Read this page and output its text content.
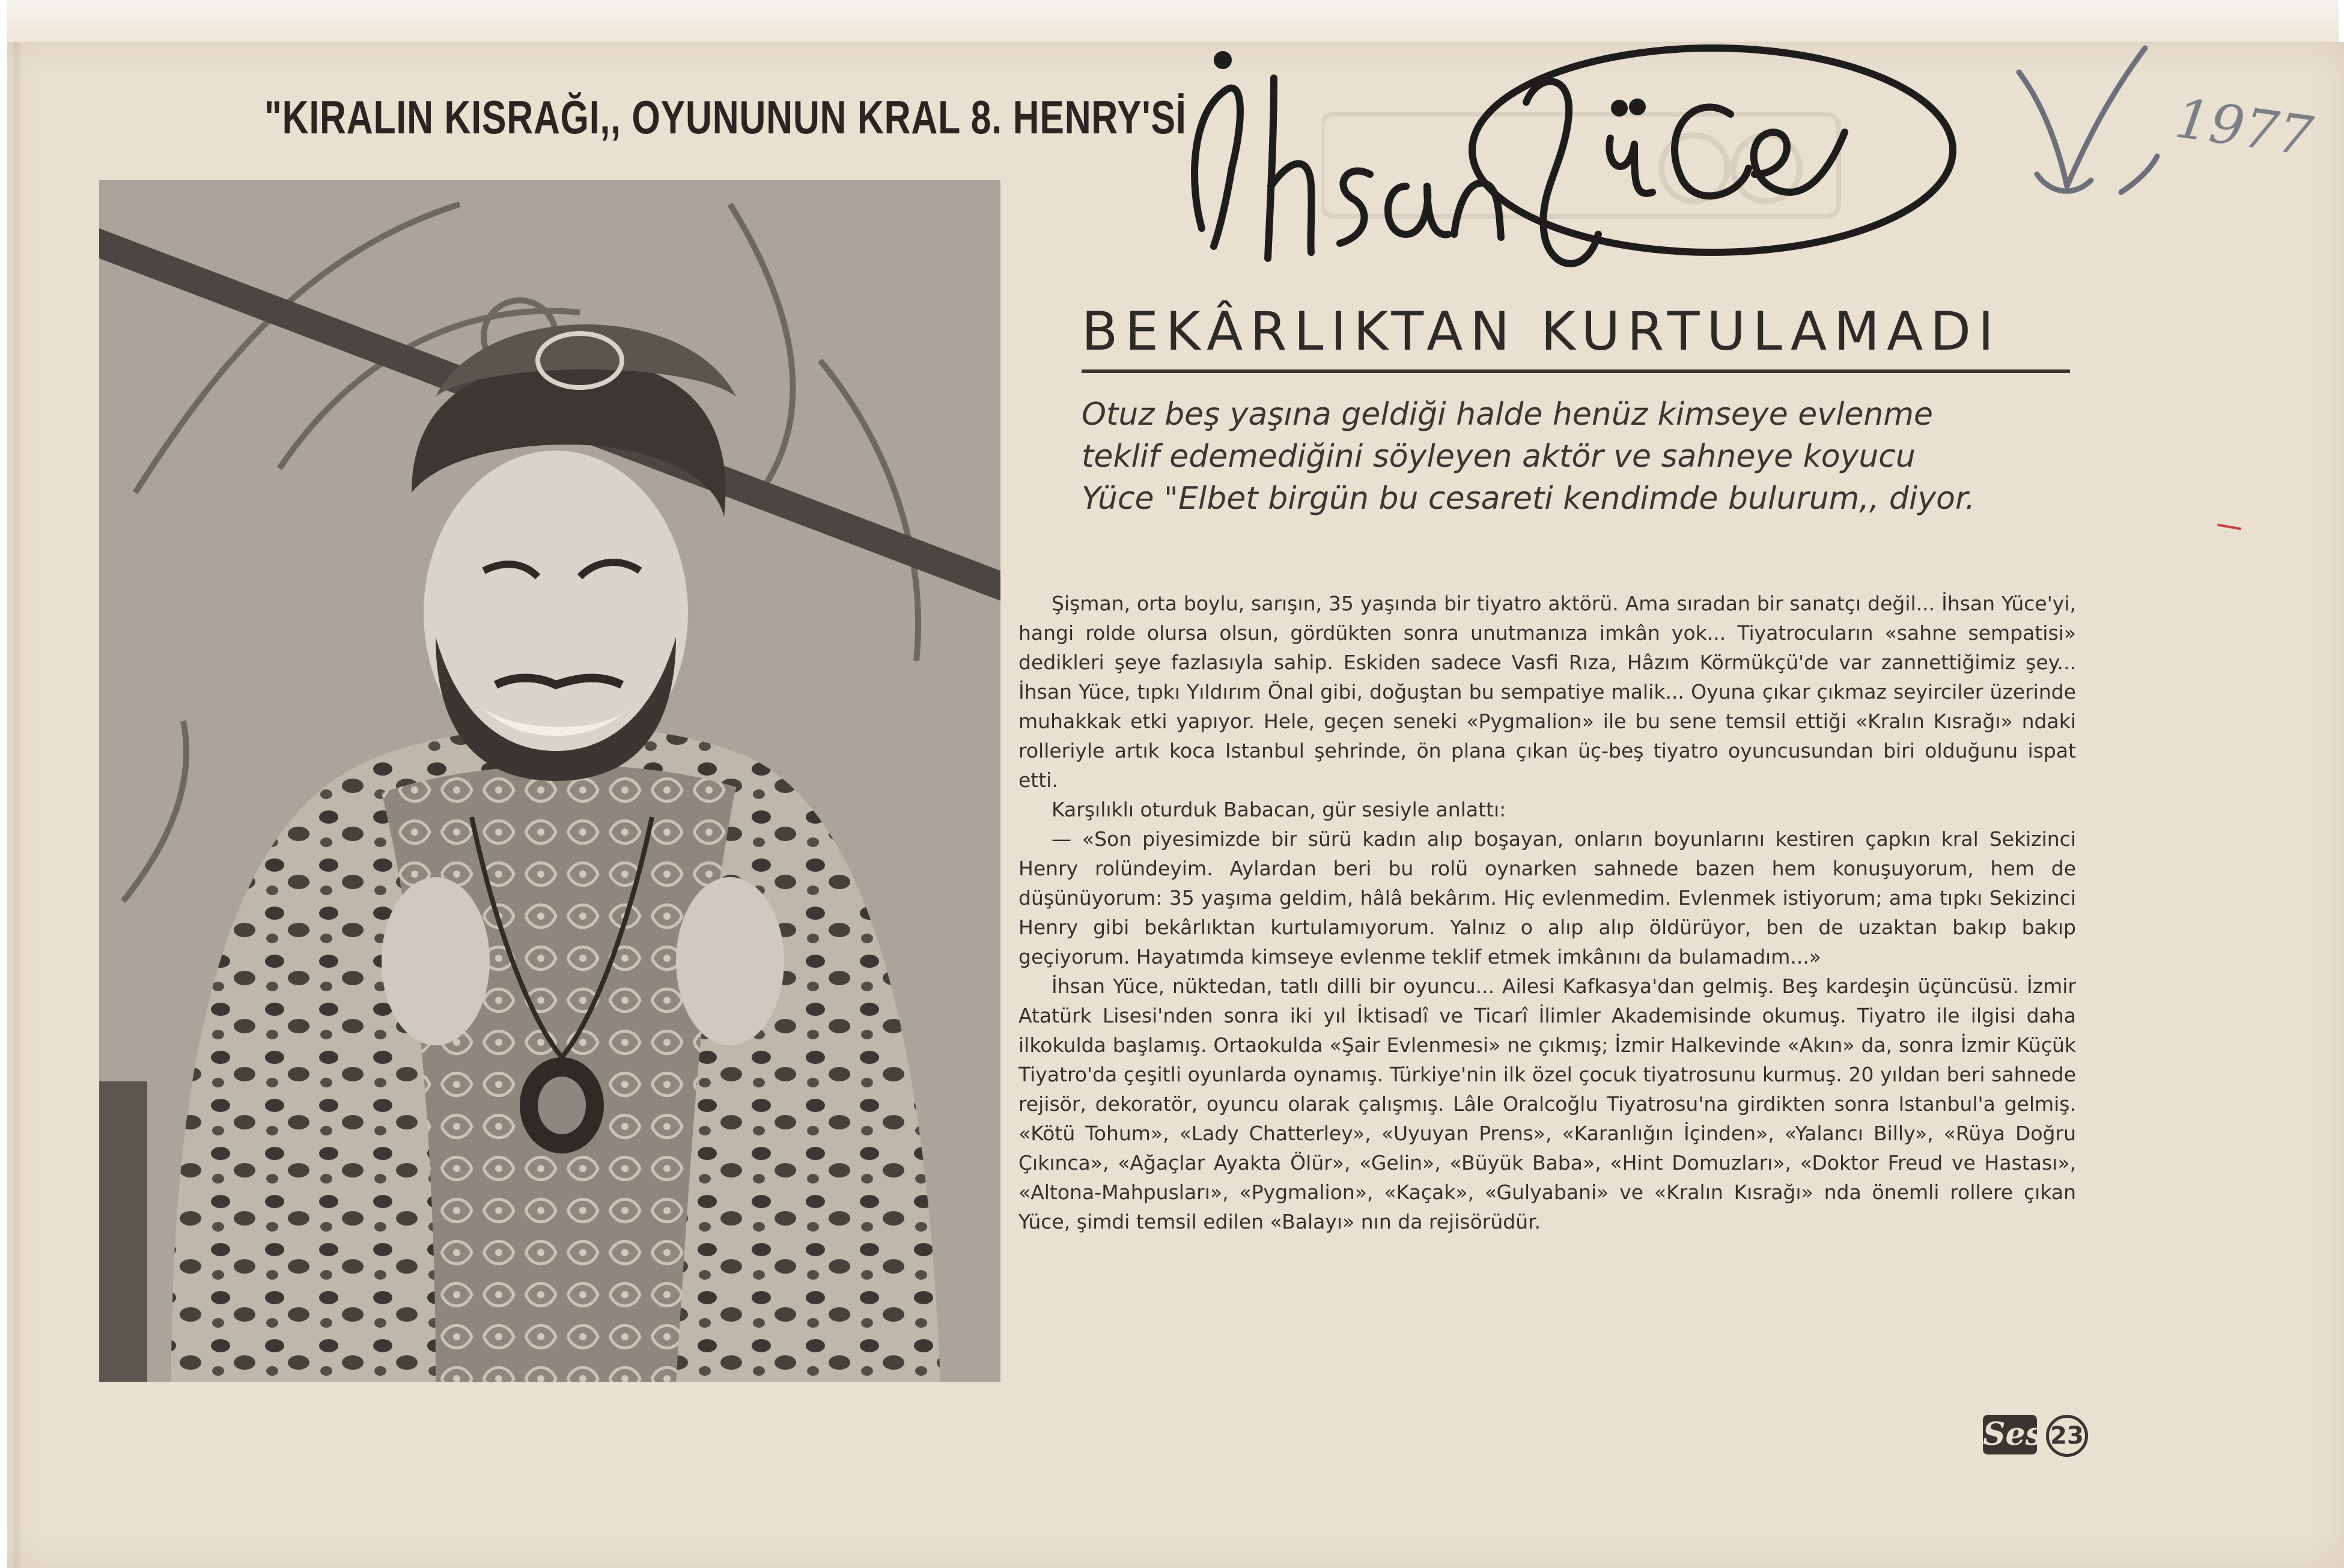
"KIRALIN KISRAĞI,, OYUNUNUN KRAL 8. HENRY'Sİ	1977
BEKÂRLIKTAN KURTULAMADI
Otuz beş yaşına geldiği halde henüz kimseye evlenme
teklif edemediğini söyleyen aktör ve sahneye koyucu
Yüce "Elbet birgün bu cesareti kendimde bulurum,, diyor.

Şişman, orta boylu, sarışın, 35 yaşında bir tiyatro aktörü. Ama sıradan bir sanatçı değil... İhsan Yüce'yi, hangi rolde olursa olsun, gördükten sonra unutmanıza imkân yok... Tiyatrocuların «sahne sempatisi» dedikleri şeye fazlasıyla sahip. Eskiden sadece Vasfi Rıza, Hâzım Körmükçü'de var zannettiğimiz şey... İhsan Yüce, tıpkı Yıldırım Önal gibi, doğuştan bu sempatiye malik... Oyuna çıkar çıkmaz seyirciler üzerinde muhakkak etki yapıyor. Hele, geçen seneki «Pygmalion» ile bu sene temsil ettiği «Kralın Kısrağı» ndaki rolleriyle artık koca Istanbul şehrinde, ön plana çıkan üç-beş tiyatro oyuncusundan biri olduğunu ispat etti.

Karşılıklı oturduk Babacan, gür sesiyle anlattı:

— «Son piyesimizde bir sürü kadın alıp boşayan, onların boyunlarını kestiren çapkın kral Sekizinci Henry rolündeyim. Aylardan beri bu rolü oynarken sahnede bazen hem konuşuyorum, hem de düşünüyorum: 35 yaşıma geldim, hâlâ bekârım. Hiç evlenmedim. Evlenmek istiyorum; ama tıpkı Sekizinci Henry gibi bekârlıktan kurtulamıyorum. Yalnız o alıp alıp öldürüyor, ben de uzaktan bakıp bakıp geçiyorum. Hayatımda kimseye evlenme teklif etmek imkânını da bulamadım...»

İhsan Yüce, nüktedan, tatlı dilli bir oyuncu... Ailesi Kafkasya'dan gelmiş. Beş kardeşin üçüncüsü. İzmir Atatürk Lisesi'nden sonra iki yıl İktisadî ve Ticarî İlimler Akademisinde okumuş. Tiyatro ile ilgisi daha ilkokulda başlamış. Ortaokulda «Şair Evlenmesi» ne çıkmış; İzmir Halkevinde «Akın» da, sonra İzmir Küçük Tiyatro'da çeşitli oyunlarda oynamış. Türkiye'nin ilk özel çocuk tiyatrosunu kurmuş. 20 yıldan beri sahnede rejisör, dekoratör, oyuncu olarak çalışmış. Lâle Oralcoğlu Tiyatrosu'na girdikten sonra Istanbul'a gelmiş. «Kötü Tohum», «Lady Chatterley», «Uyuyan Prens», «Karanlığın İçinden», «Yalancı Billy», «Rüya Doğru Çıkınca», «Ağaçlar Ayakta Ölür», «Gelin», «Büyük Baba», «Hint Domuzları», «Doktor Freud ve Hastası», «Altona-Mahpusları», «Pygmalion», «Kaçak», «Gulyabani» ve «Kralın Kısrağı» nda önemli rollere çıkan Yüce, şimdi temsil edilen «Balayı» nın da rejisörüdür.

Ses 23
